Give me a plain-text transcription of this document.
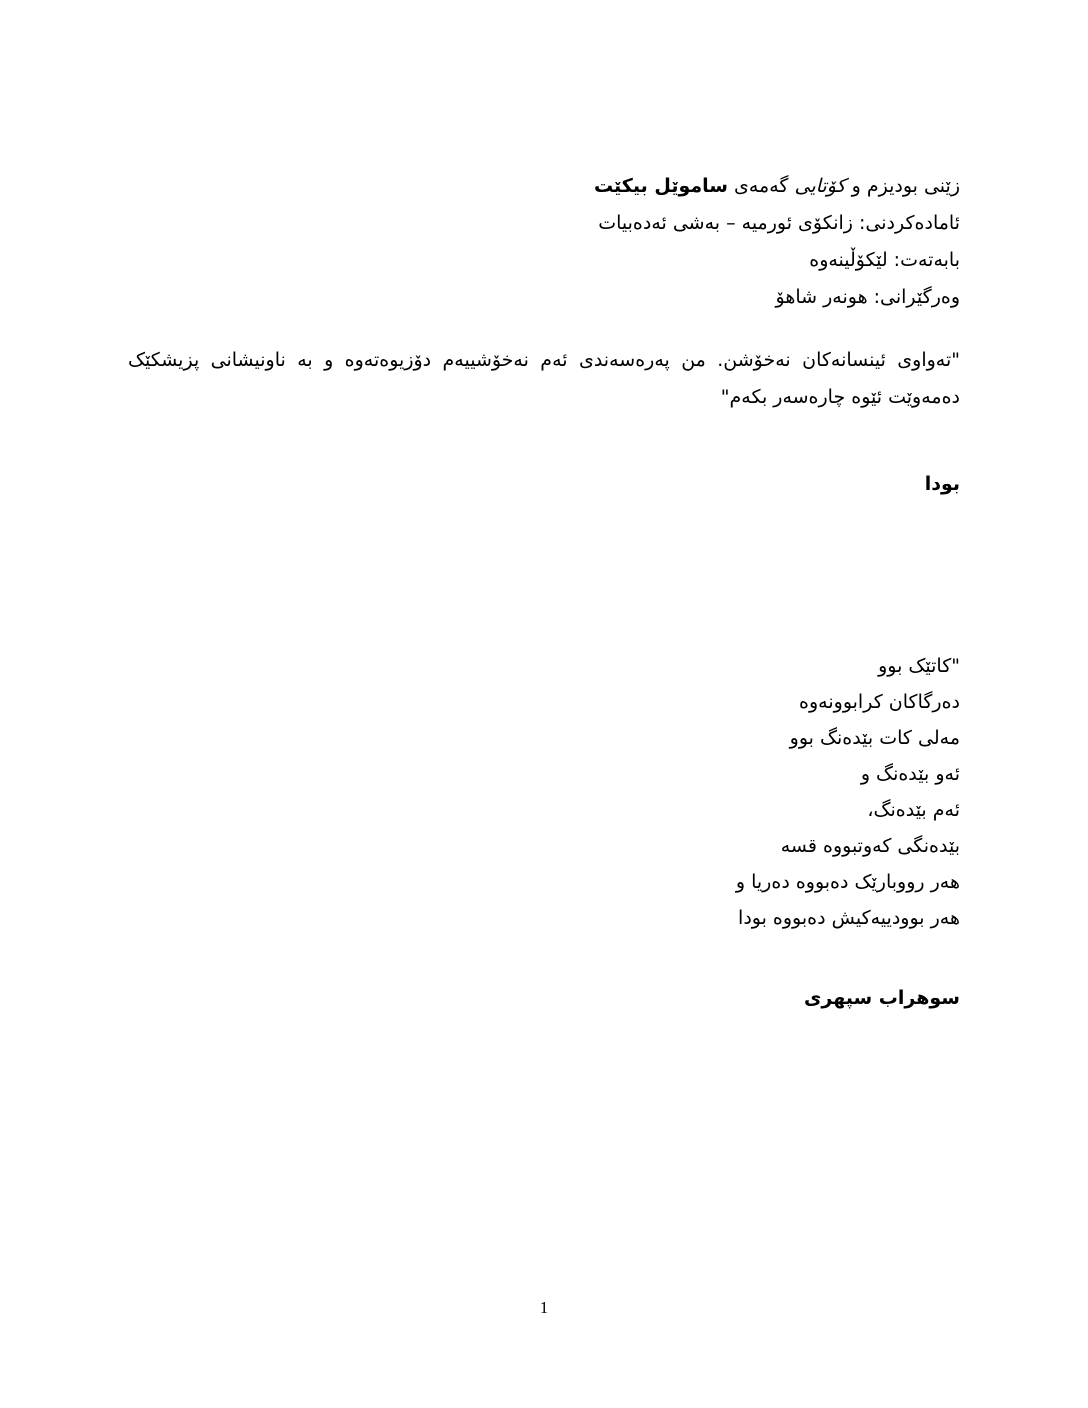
زێنی بودیزم و کۆتایی گەمەی ساموێل بیکێت
ئامادەکردنی: زانکۆی ئورمیە – بەشی ئەدەبیات
بابەتەت: لێکۆڵینەوە
وەرگێرانی: هونەر شاهۆ
"تەواوی ئینسانەکان نەخۆشن. من پەرەسەندی ئەم نەخۆشییەم دۆزیوەتەوە و بە ناونیشانی پزیشکێک دەمەوێت ئێوە چارەسەر بکەم"
بودا
"کاتێک بوو
دەرگاکان کرابوونەوە
مەلی کات بێدەنگ بوو
ئەو بێدەنگ و
ئەم بێدەنگ،
بێدەنگی کەوتبووە قسە
هەر رووبارێک دەبووە دەریا و
هەر بوودییەکیش دەبووە بودا
سوهراب سپهری
1
